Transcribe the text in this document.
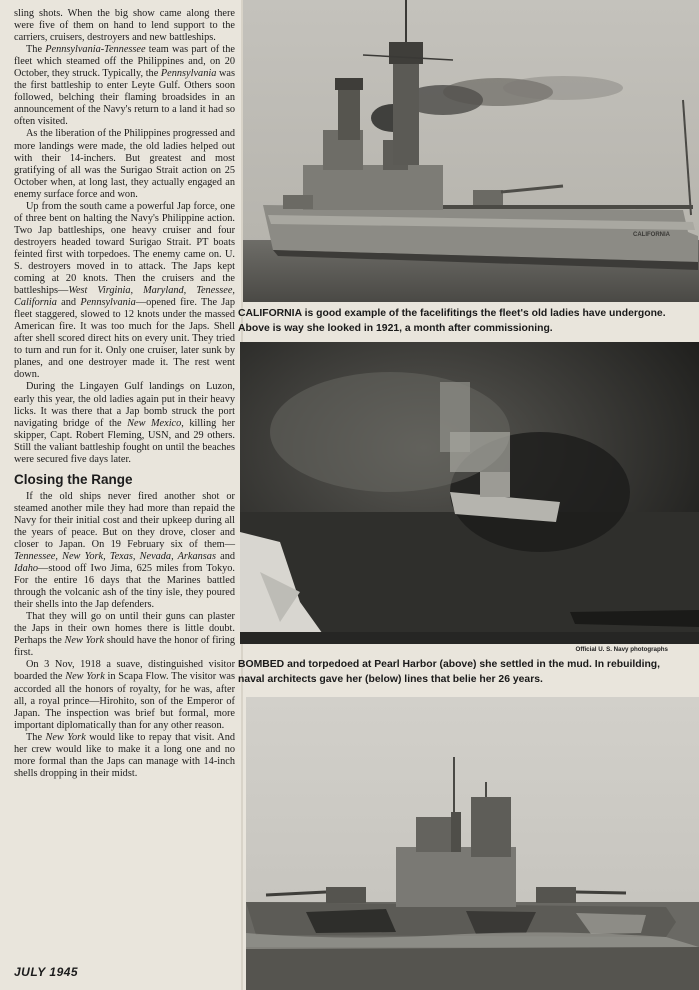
sling shots. When the big show came along there were five of them on hand to lend support to the carriers, cruisers, destroyers and new battleships.

The Pennsylvania-Tennessee team was part of the fleet which steamed off the Philippines and, on 20 October, they struck. Typically, the Pennsylvania was the first battleship to enter Leyte Gulf. Others soon followed, belching their flaming broadsides in an announcement of the Navy's return to a land it had so often visited.

As the liberation of the Philippines progressed and more landings were made, the old ladies helped out with their 14-inchers. But greatest and most gratifying of all was the Surigao Strait action on 25 October when, at long last, they actually engaged an enemy surface force and won.

Up from the south came a powerful Jap force, one of three bent on halting the Navy's Philippine action. Two Jap battleships, one heavy cruiser and four destroyers headed toward Surigao Strait. PT boats feinted first with torpedoes. The enemy came on. U. S. destroyers moved in to attack. The Japs kept coming at 20 knots. Then the cruisers and the battleships—West Virginia, Maryland, Tenessee, California and Pennsylvania—opened fire. The Jap fleet staggered, slowed to 12 knots under the massed American fire. It was too much for the Japs. Shell after shell scored direct hits on every unit. They tried to turn and run for it. Only one cruiser, later sunk by planes, and one destroyer made it. The rest went down.

During the Lingayen Gulf landings on Luzon, early this year, the old ladies again put in their heavy licks. It was there that a Jap bomb struck the port navigating bridge of the New Mexico, killing her skipper, Capt. Robert Fleming, USN, and 29 others. Still the valiant battleship fought on until the beaches were secured five days later.

Closing the Range

If the old ships never fired another shot or steamed another mile they had more than repaid the Navy for their initial cost and their upkeep during all the years of peace. But on they drove, closer and closer to Japan. On 19 February six of them—Tennessee, New York, Texas, Nevada, Arkansas and Idaho—stood off Iwo Jima, 625 miles from Tokyo. For the entire 16 days that the Marines battled through the volcanic ash of the tiny isle, they poured their shells into the Jap defenders.

That they will go on until their guns can plaster the Japs in their own homes there is little doubt. Perhaps the New York should have the honor of firing first.

On 3 Nov, 1918 a suave, distinguished visitor boarded the New York in Scapa Flow. The visitor was accorded all the honors of royalty, for he was, after all, a royal prince—Hirohito, son of the Emperor of Japan. The inspection was brief but formal, more important diplomatically than for any other reason.

The New York would like to repay that visit. And her crew would like to make it a long one and no more formal than the Japs can manage with 14-inch shells dropping in their midst.

JULY 1945
CALIFORNIA
CALIFORNIA is good example of the facelifitings the fleet's old ladies have undergone. Above is way she looked in 1921, a month after commissioning.
Official U. S. Navy photographs
BOMBED and torpedoed at Pearl Harbor (above) she settled in the mud. In rebuilding, naval architects gave her (below) lines that belie her 26 years.
